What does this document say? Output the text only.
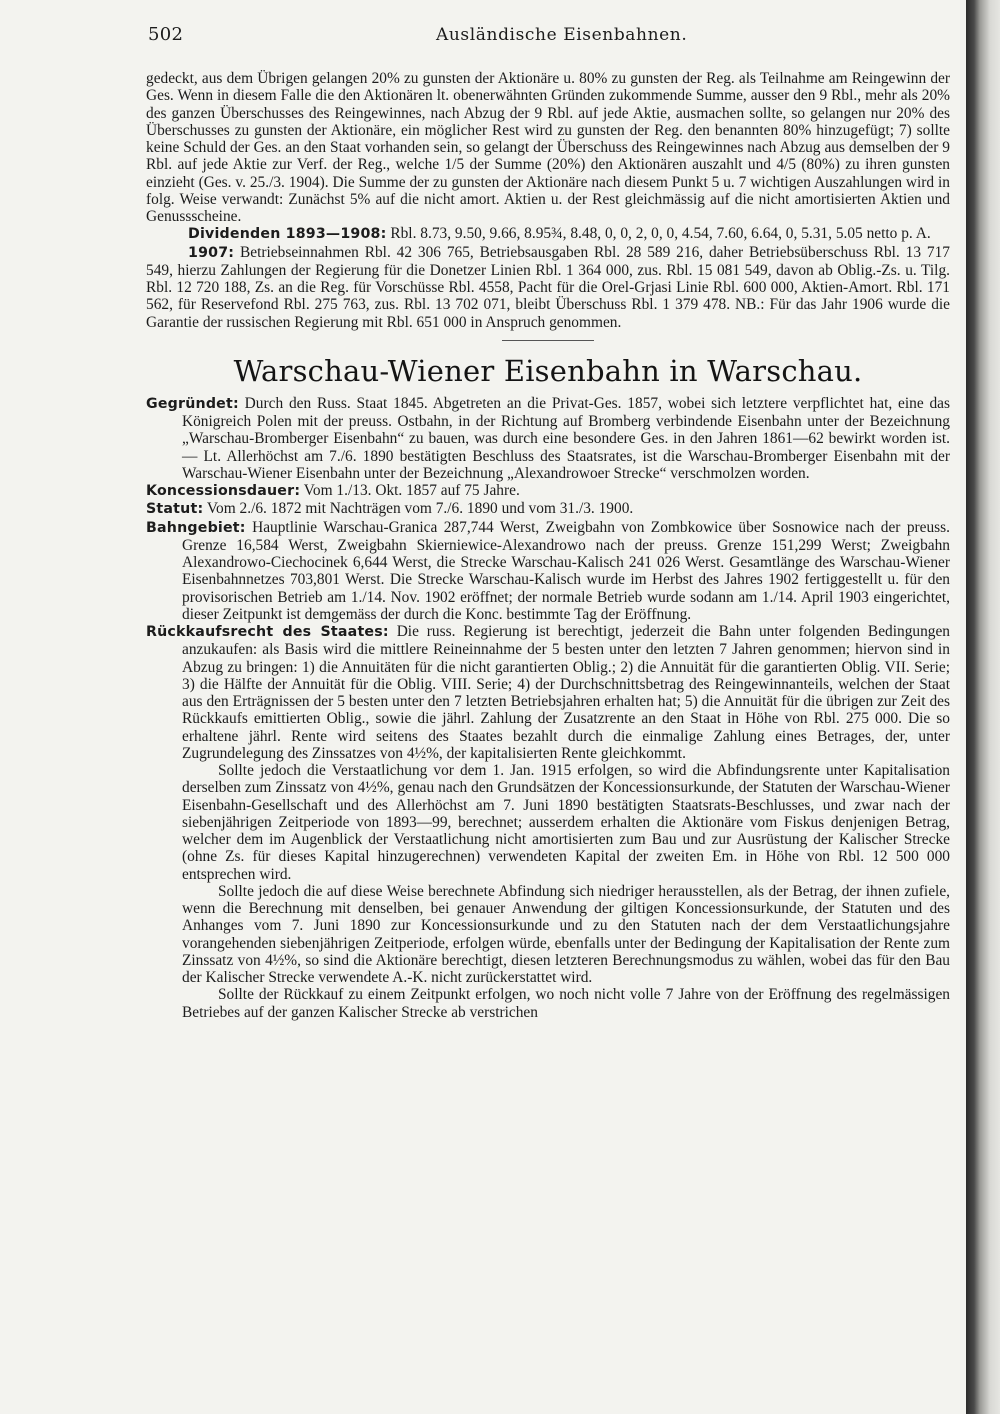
502	Ausländische Eisenbahnen.

gedeckt, aus dem Übrigen gelangen 20% zu gunsten der Aktionäre u. 80% zu gunsten der Reg. als Teilnahme am Reingewinn der Ges. Wenn in diesem Falle die den Aktionären lt. obenerwähnten Gründen zukommende Summe, ausser den 9 Rbl., mehr als 20% des ganzen Überschusses des Reingewinnes, nach Abzug der 9 Rbl. auf jede Aktie, ausmachen sollte, so gelangen nur 20% des Überschusses zu gunsten der Aktionäre, ein möglicher Rest wird zu gunsten der Reg. den benannten 80% hinzugefügt; 7) sollte keine Schuld der Ges. an den Staat vorhanden sein, so gelangt der Überschuss des Reingewinnes nach Abzug aus demselben der 9 Rbl. auf jede Aktie zur Verf. der Reg., welche 1/5 der Summe (20%) den Aktionären auszahlt und 4/5 (80%) zu ihren gunsten einzieht (Ges. v. 25./3. 1904). Die Summe der zu gunsten der Aktionäre nach diesem Punkt 5 u. 7 wichtigen Auszahlungen wird in folg. Weise verwandt: Zunächst 5% auf die nicht amort. Aktien u. der Rest gleichmässig auf die nicht amortisierten Aktien und Genussscheine.

Dividenden 1893—1908: Rbl. 8.73, 9.50, 9.66, 8.95¾, 8.48, 0, 0, 2, 0, 0, 4.54, 7.60, 6.64, 0, 5.31, 5.05 netto p. A.

1907: Betriebseinnahmen Rbl. 42 306 765, Betriebsausgaben Rbl. 28 589 216, daher Betriebsüberschuss Rbl. 13 717 549, hierzu Zahlungen der Regierung für die Donetzer Linien Rbl. 1 364 000, zus. Rbl. 15 081 549, davon ab Oblig.-Zs. u. Tilg. Rbl. 12 720 188, Zs. an die Reg. für Vorschüsse Rbl. 4558, Pacht für die Orel-Grjasi Linie Rbl. 600 000, Aktien-Amort. Rbl. 171 562, für Reservefond Rbl. 275 763, zus. Rbl. 13 702 071, bleibt Überschuss Rbl. 1 379 478. NB.: Für das Jahr 1906 wurde die Garantie der russischen Regierung mit Rbl. 651 000 in Anspruch genommen.

Warschau-Wiener Eisenbahn in Warschau.

Gegründet: Durch den Russ. Staat 1845. Abgetreten an die Privat-Ges. 1857, wobei sich letztere verpflichtet hat, eine das Königreich Polen mit der preuss. Ostbahn, in der Richtung auf Bromberg verbindende Eisenbahn unter der Bezeichnung „Warschau-Bromberger Eisenbahn“ zu bauen, was durch eine besondere Ges. in den Jahren 1861—62 bewirkt worden ist. — Lt. Allerhöchst am 7./6. 1890 bestätigten Beschluss des Staatsrates, ist die Warschau-Bromberger Eisenbahn mit der Warschau-Wiener Eisenbahn unter der Bezeichnung „Alexandrowoer Strecke“ verschmolzen worden.

Koncessionsdauer: Vom 1./13. Okt. 1857 auf 75 Jahre.

Statut: Vom 2./6. 1872 mit Nachträgen vom 7./6. 1890 und vom 31./3. 1900.

Bahngebiet: Hauptlinie Warschau-Granica 287,744 Werst, Zweigbahn von Zombkowice über Sosnowice nach der preuss. Grenze 16,584 Werst, Zweigbahn Skierniewice-Alexandrowo nach der preuss. Grenze 151,299 Werst; Zweigbahn Alexandrowo-Ciechocinek 6,644 Werst, die Strecke Warschau-Kalisch 241 026 Werst. Gesamtlänge des Warschau-Wiener Eisenbahnnetzes 703,801 Werst. Die Strecke Warschau-Kalisch wurde im Herbst des Jahres 1902 fertiggestellt u. für den provisorischen Betrieb am 1./14. Nov. 1902 eröffnet; der normale Betrieb wurde sodann am 1./14. April 1903 eingerichtet, dieser Zeitpunkt ist demgemäss der durch die Konc. bestimmte Tag der Eröffnung.

Rückkaufsrecht des Staates: Die russ. Regierung ist berechtigt, jederzeit die Bahn unter folgenden Bedingungen anzukaufen: als Basis wird die mittlere Reineinnahme der 5 besten unter den letzten 7 Jahren genommen; hiervon sind in Abzug zu bringen: 1) die Annuitäten für die nicht garantierten Oblig.; 2) die Annuität für die garantierten Oblig. VII. Serie; 3) die Hälfte der Annuität für die Oblig. VIII. Serie; 4) der Durchschnittsbetrag des Reingewinnanteils, welchen der Staat aus den Erträgnissen der 5 besten unter den 7 letzten Betriebsjahren erhalten hat; 5) die Annuität für die übrigen zur Zeit des Rückkaufs emittierten Oblig., sowie die jährl. Zahlung der Zusatzrente an den Staat in Höhe von Rbl. 275 000. Die so erhaltene jährl. Rente wird seitens des Staates bezahlt durch die einmalige Zahlung eines Betrages, der, unter Zugrundelegung des Zinssatzes von 4½%, der kapitalisierten Rente gleichkommt.

Sollte jedoch die Verstaatlichung vor dem 1. Jan. 1915 erfolgen, so wird die Abfindungsrente unter Kapitalisation derselben zum Zinssatz von 4½%, genau nach den Grundsätzen der Koncessionsurkunde, der Statuten der Warschau-Wiener Eisenbahn-Gesellschaft und des Allerhöchst am 7. Juni 1890 bestätigten Staatsrats-Beschlusses, und zwar nach der siebenjährigen Zeitperiode von 1893—99, berechnet; ausserdem erhalten die Aktionäre vom Fiskus denjenigen Betrag, welcher dem im Augenblick der Verstaatlichung nicht amortisierten zum Bau und zur Ausrüstung der Kalischer Strecke (ohne Zs. für dieses Kapital hinzugerechnen) verwendeten Kapital der zweiten Em. in Höhe von Rbl. 12 500 000 entsprechen wird.

Sollte jedoch die auf diese Weise berechnete Abfindung sich niedriger herausstellen, als der Betrag, der ihnen zufiele, wenn die Berechnung mit denselben, bei genauer Anwendung der giltigen Koncessionsurkunde, der Statuten und des Anhanges vom 7. Juni 1890 zur Koncessionsurkunde und zu den Statuten nach der dem Verstaatlichungsjahre vorangehenden siebenjährigen Zeitperiode, erfolgen würde, ebenfalls unter der Bedingung der Kapitalisation der Rente zum Zinssatz von 4½%, so sind die Aktionäre berechtigt, diesen letzteren Berechnungsmodus zu wählen, wobei das für den Bau der Kalischer Strecke verwendete A.-K. nicht zurückerstattet wird.

Sollte der Rückkauf zu einem Zeitpunkt erfolgen, wo noch nicht volle 7 Jahre von der Eröffnung des regelmässigen Betriebes auf der ganzen Kalischer Strecke ab verstrichen
